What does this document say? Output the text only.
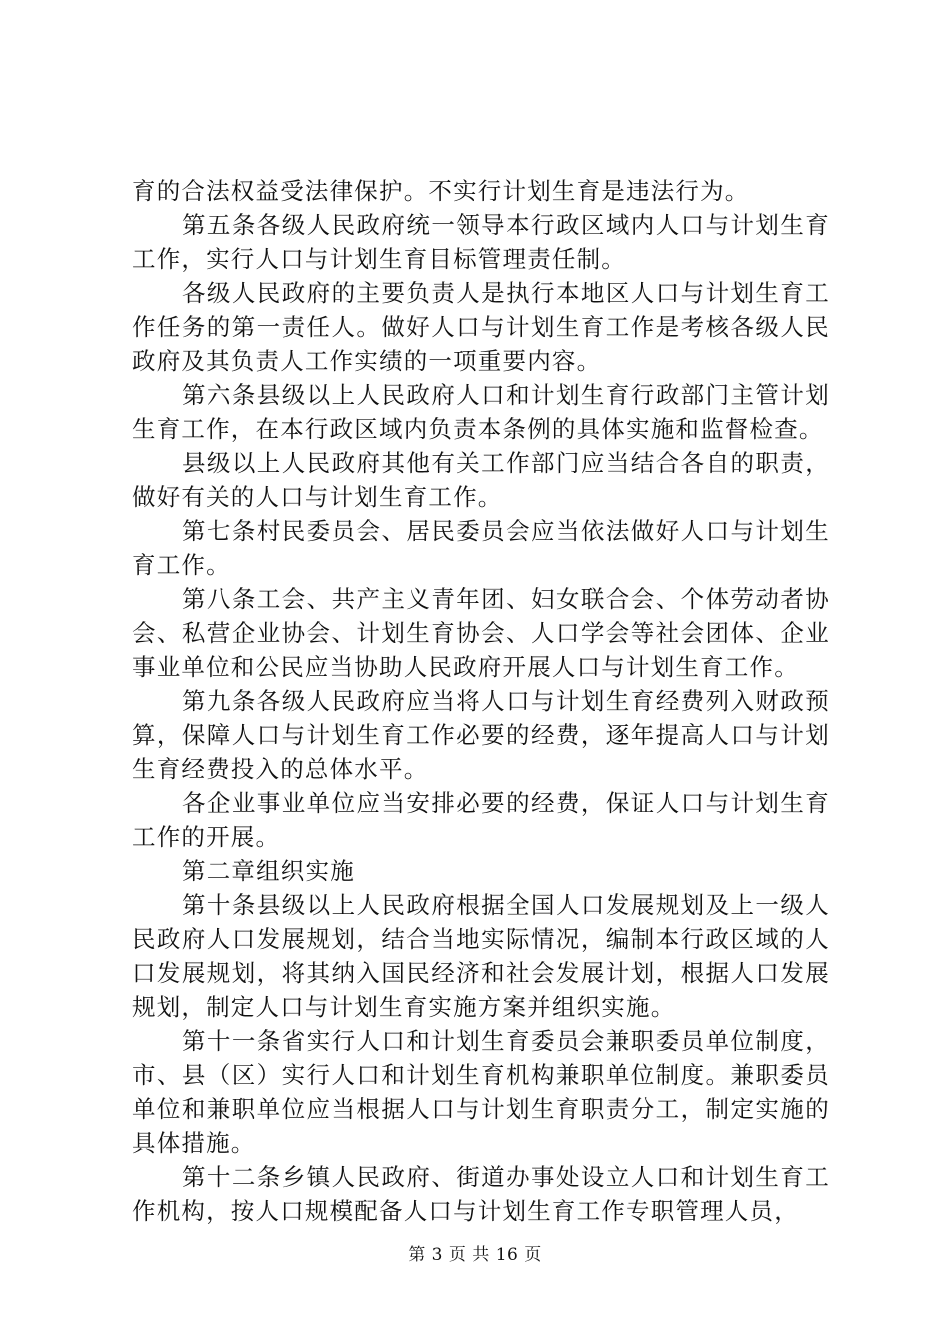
育的合法权益受法律保护。不实行计划生育是违法行为。

第五条各级人民政府统一领导本行政区域内人口与计划生育工作，实行人口与计划生育目标管理责任制。

各级人民政府的主要负责人是执行本地区人口与计划生育工作任务的第一责任人。做好人口与计划生育工作是考核各级人民政府及其负责人工作实绩的一项重要内容。

第六条县级以上人民政府人口和计划生育行政部门主管计划生育工作，在本行政区域内负责本条例的具体实施和监督检查。

县级以上人民政府其他有关工作部门应当结合各自的职责，做好有关的人口与计划生育工作。

第七条村民委员会、居民委员会应当依法做好人口与计划生育工作。

第八条工会、共产主义青年团、妇女联合会、个体劳动者协会、私营企业协会、计划生育协会、人口学会等社会团体、企业事业单位和公民应当协助人民政府开展人口与计划生育工作。

第九条各级人民政府应当将人口与计划生育经费列入财政预算，保障人口与计划生育工作必要的经费，逐年提高人口与计划生育经费投入的总体水平。

各企业事业单位应当安排必要的经费，保证人口与计划生育工作的开展。

第二章组织实施

第十条县级以上人民政府根据全国人口发展规划及上一级人民政府人口发展规划，结合当地实际情况，编制本行政区域的人口发展规划，将其纳入国民经济和社会发展计划，根据人口发展规划，制定人口与计划生育实施方案并组织实施。

第十一条省实行人口和计划生育委员会兼职委员单位制度，市、县（区）实行人口和计划生育机构兼职单位制度。兼职委员单位和兼职单位应当根据人口与计划生育职责分工，制定实施的具体措施。

第十二条乡镇人民政府、街道办事处设立人口和计划生育工作机构，按人口规模配备人口与计划生育工作专职管理人员，

第 3 页 共 16 页
